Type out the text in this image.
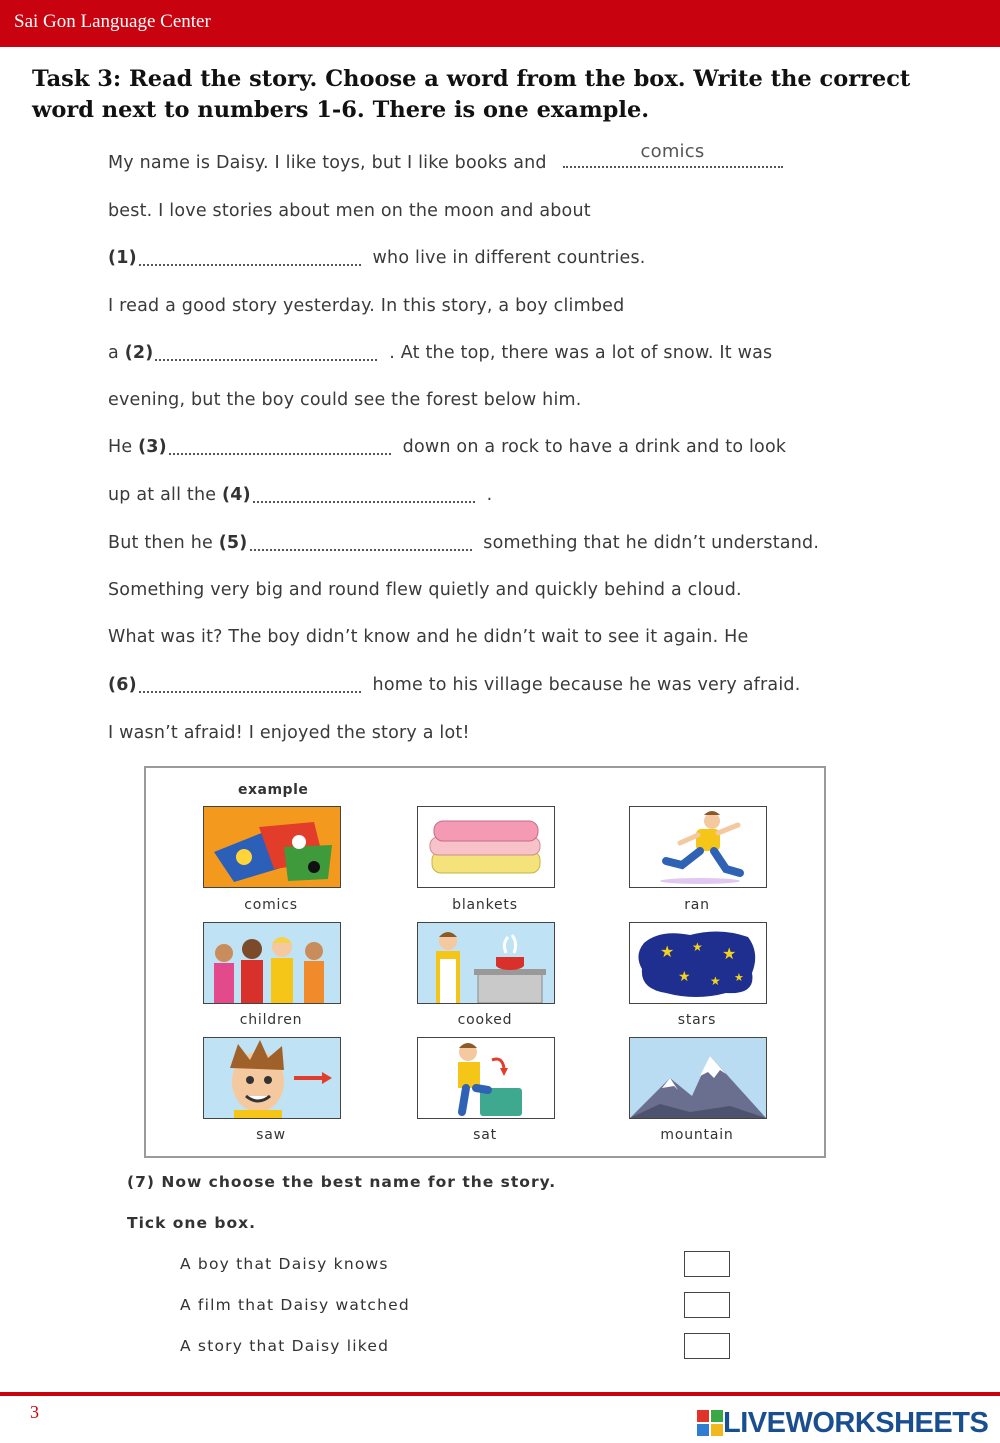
Sai Gon Language Center

Task 3: Read the story. Choose a word from the box. Write the correct word next to numbers 1-6. There is one example.

My name is Daisy. I like toys, but I like books and
comics
best. I love stories about men on the moon and about
(1)	who live in different countries.
I read a good story yesterday. In this story, a boy climbed
a (2)	. At the top, there was a lot of snow. It was
evening, but the boy could see the forest below him.
He (3)	down on a rock to have a drink and to look
up at all the (4)	.
But then he (5)	something that he didn’t understand.
Something very big and round flew quietly and quickly behind a cloud.
What was it? The boy didn’t know and he didn’t wait to see it again. He
(6)	home to his village because he was very afraid.
I wasn’t afraid! I enjoyed the story a lot!
example
comics	blankets	ran
★ ★ ★
★ ★ ★
children	cooked	stars
saw	sat	mountain
(7) Now choose the best name for the story.
Tick one box.
A boy that Daisy knows
A film that Daisy watched
A story that Daisy liked
3	LIVEWORKSHEETS
